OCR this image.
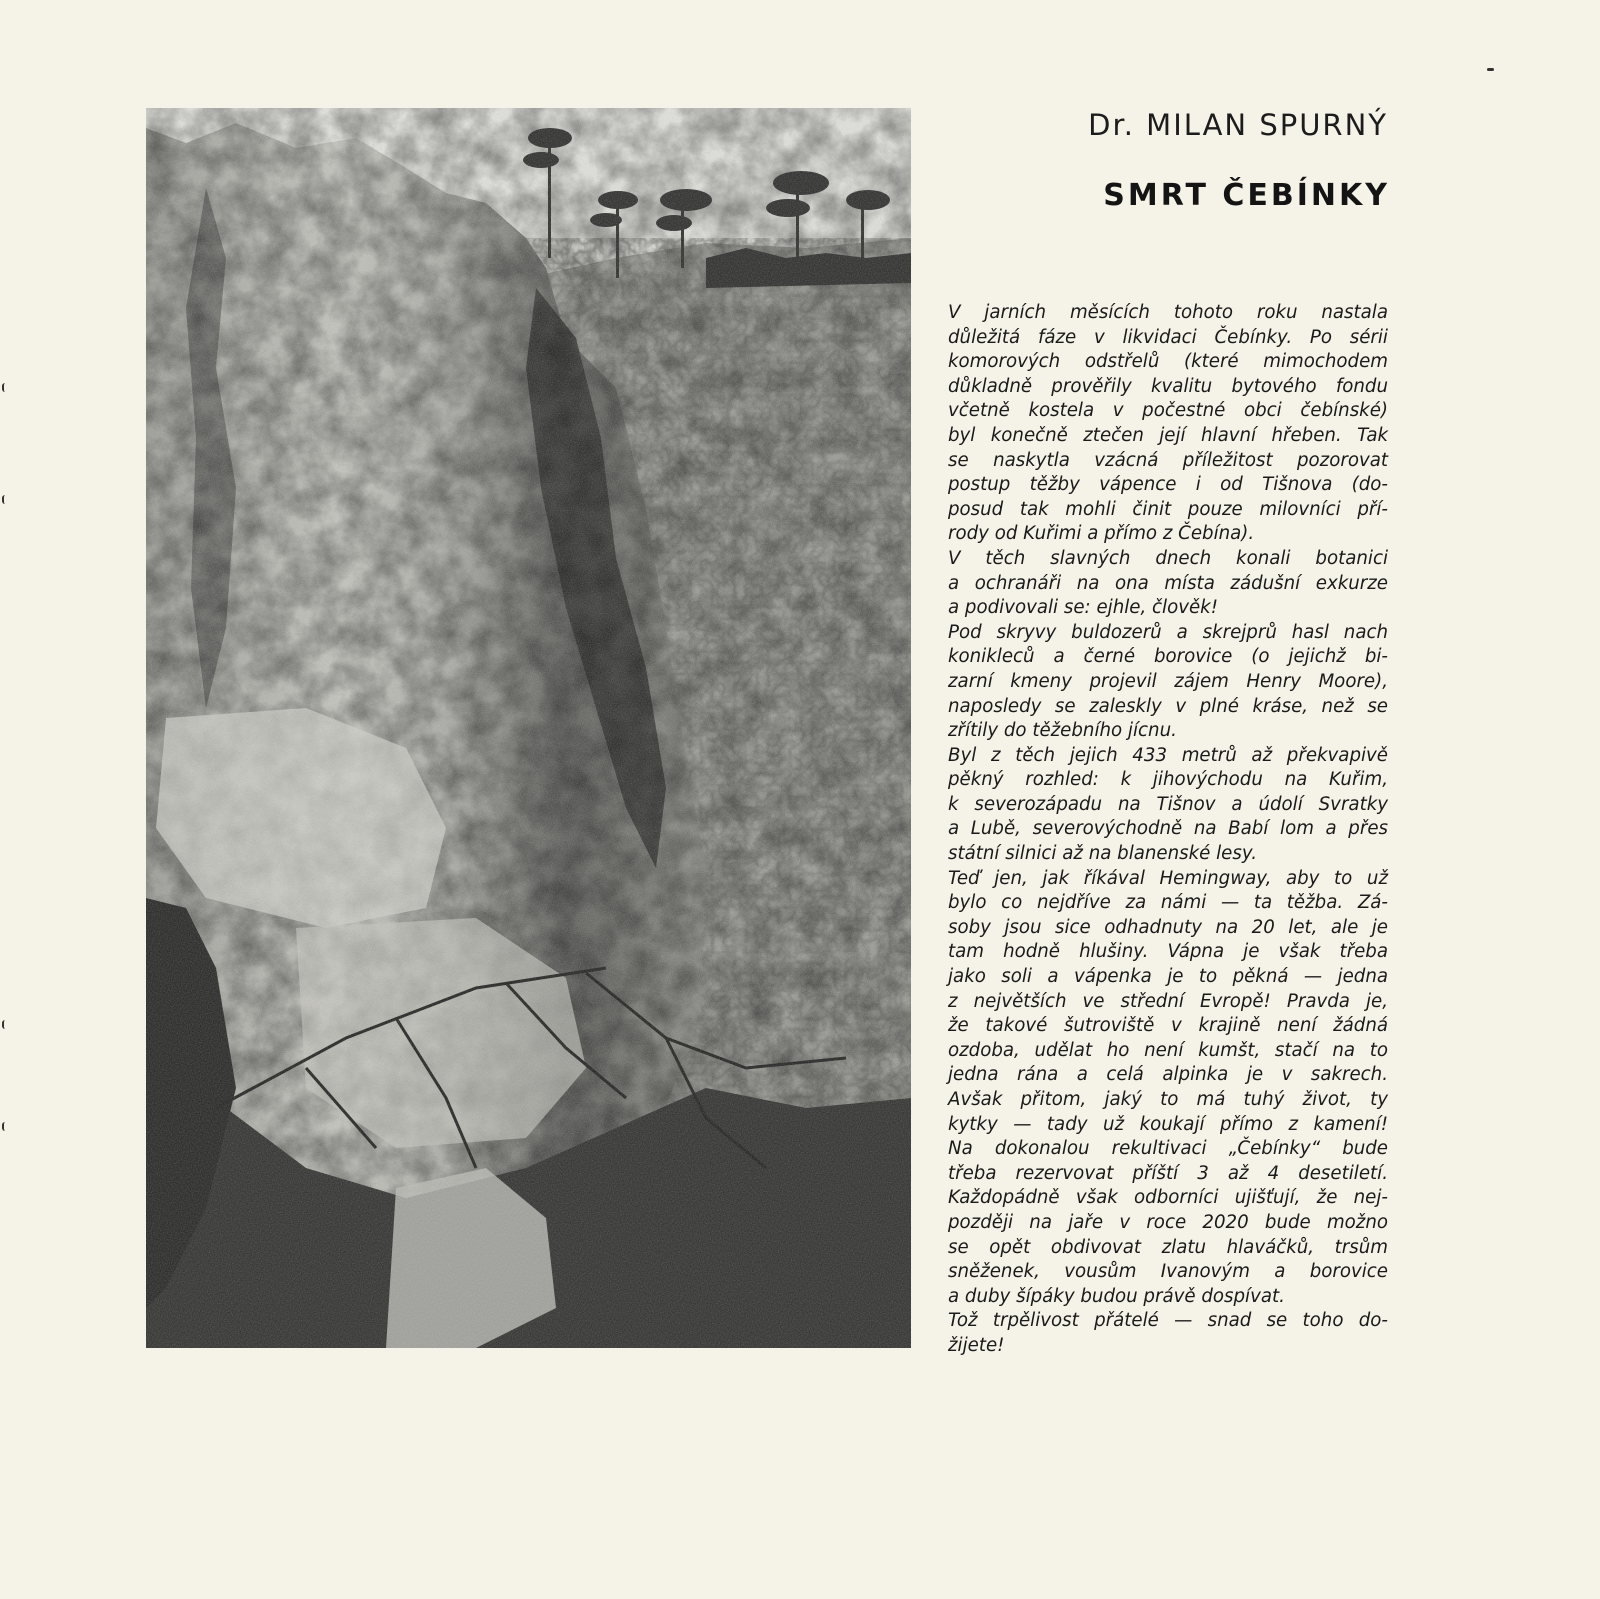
Dr. MILAN SPURNÝ
SMRT ČEBÍNKY
V jarních měsících tohoto roku nastala
důležitá fáze v likvidaci Čebínky. Po sérii
komorových odstřelů (které mimochodem
důkladně prověřily kvalitu bytového fondu
včetně kostela v počestné obci čebínské)
byl konečně ztečen její hlavní hřeben. Tak
se naskytla vzácná příležitost pozorovat
postup těžby vápence i od Tišnova (do-
posud tak mohli činit pouze milovníci pří-
rody od Kuřimi a přímo z Čebína).
V těch slavných dnech konali botanici
a ochranáři na ona místa zádušní exkurze
a podivovali se: ejhle, člověk!
Pod skryvy buldozerů a skrejprů hasl nach
konikleců a černé borovice (o jejichž bi-
zarní kmeny projevil zájem Henry Moore),
naposledy se zaleskly v plné kráse, než se
zřítily do těžebního jícnu.
Byl z těch jejich 433 metrů až překvapivě
pěkný rozhled: k jihovýchodu na Kuřim,
k severozápadu na Tišnov a údolí Svratky
a Lubě, severovýchodně na Babí lom a přes
státní silnici až na blanenské lesy.
Teď jen, jak říkával Hemingway, aby to už
bylo co nejdříve za námi — ta těžba. Zá-
soby jsou sice odhadnuty na 20 let, ale je
tam hodně hlušiny. Vápna je však třeba
jako soli a vápenka je to pěkná — jedna
z největších ve střední Evropě! Pravda je,
že takové šutroviště v krajině není žádná
ozdoba, udělat ho není kumšt, stačí na to
jedna rána a celá alpinka je v sakrech.
Avšak přitom, jaký to má tuhý život, ty
kytky — tady už koukají přímo z kamení!
Na dokonalou rekultivaci „Čebínky“ bude
třeba rezervovat příští 3 až 4 desetiletí.
Každopádně však odborníci ujišťují, že nej-
později na jaře v roce 2020 bude možno
se opět obdivovat zlatu hlaváčků, trsům
sněženek, vousům Ivanovým a borovice
a duby šípáky budou právě dospívat.
Tož trpělivost přátelé — snad se toho do-
žijete!
